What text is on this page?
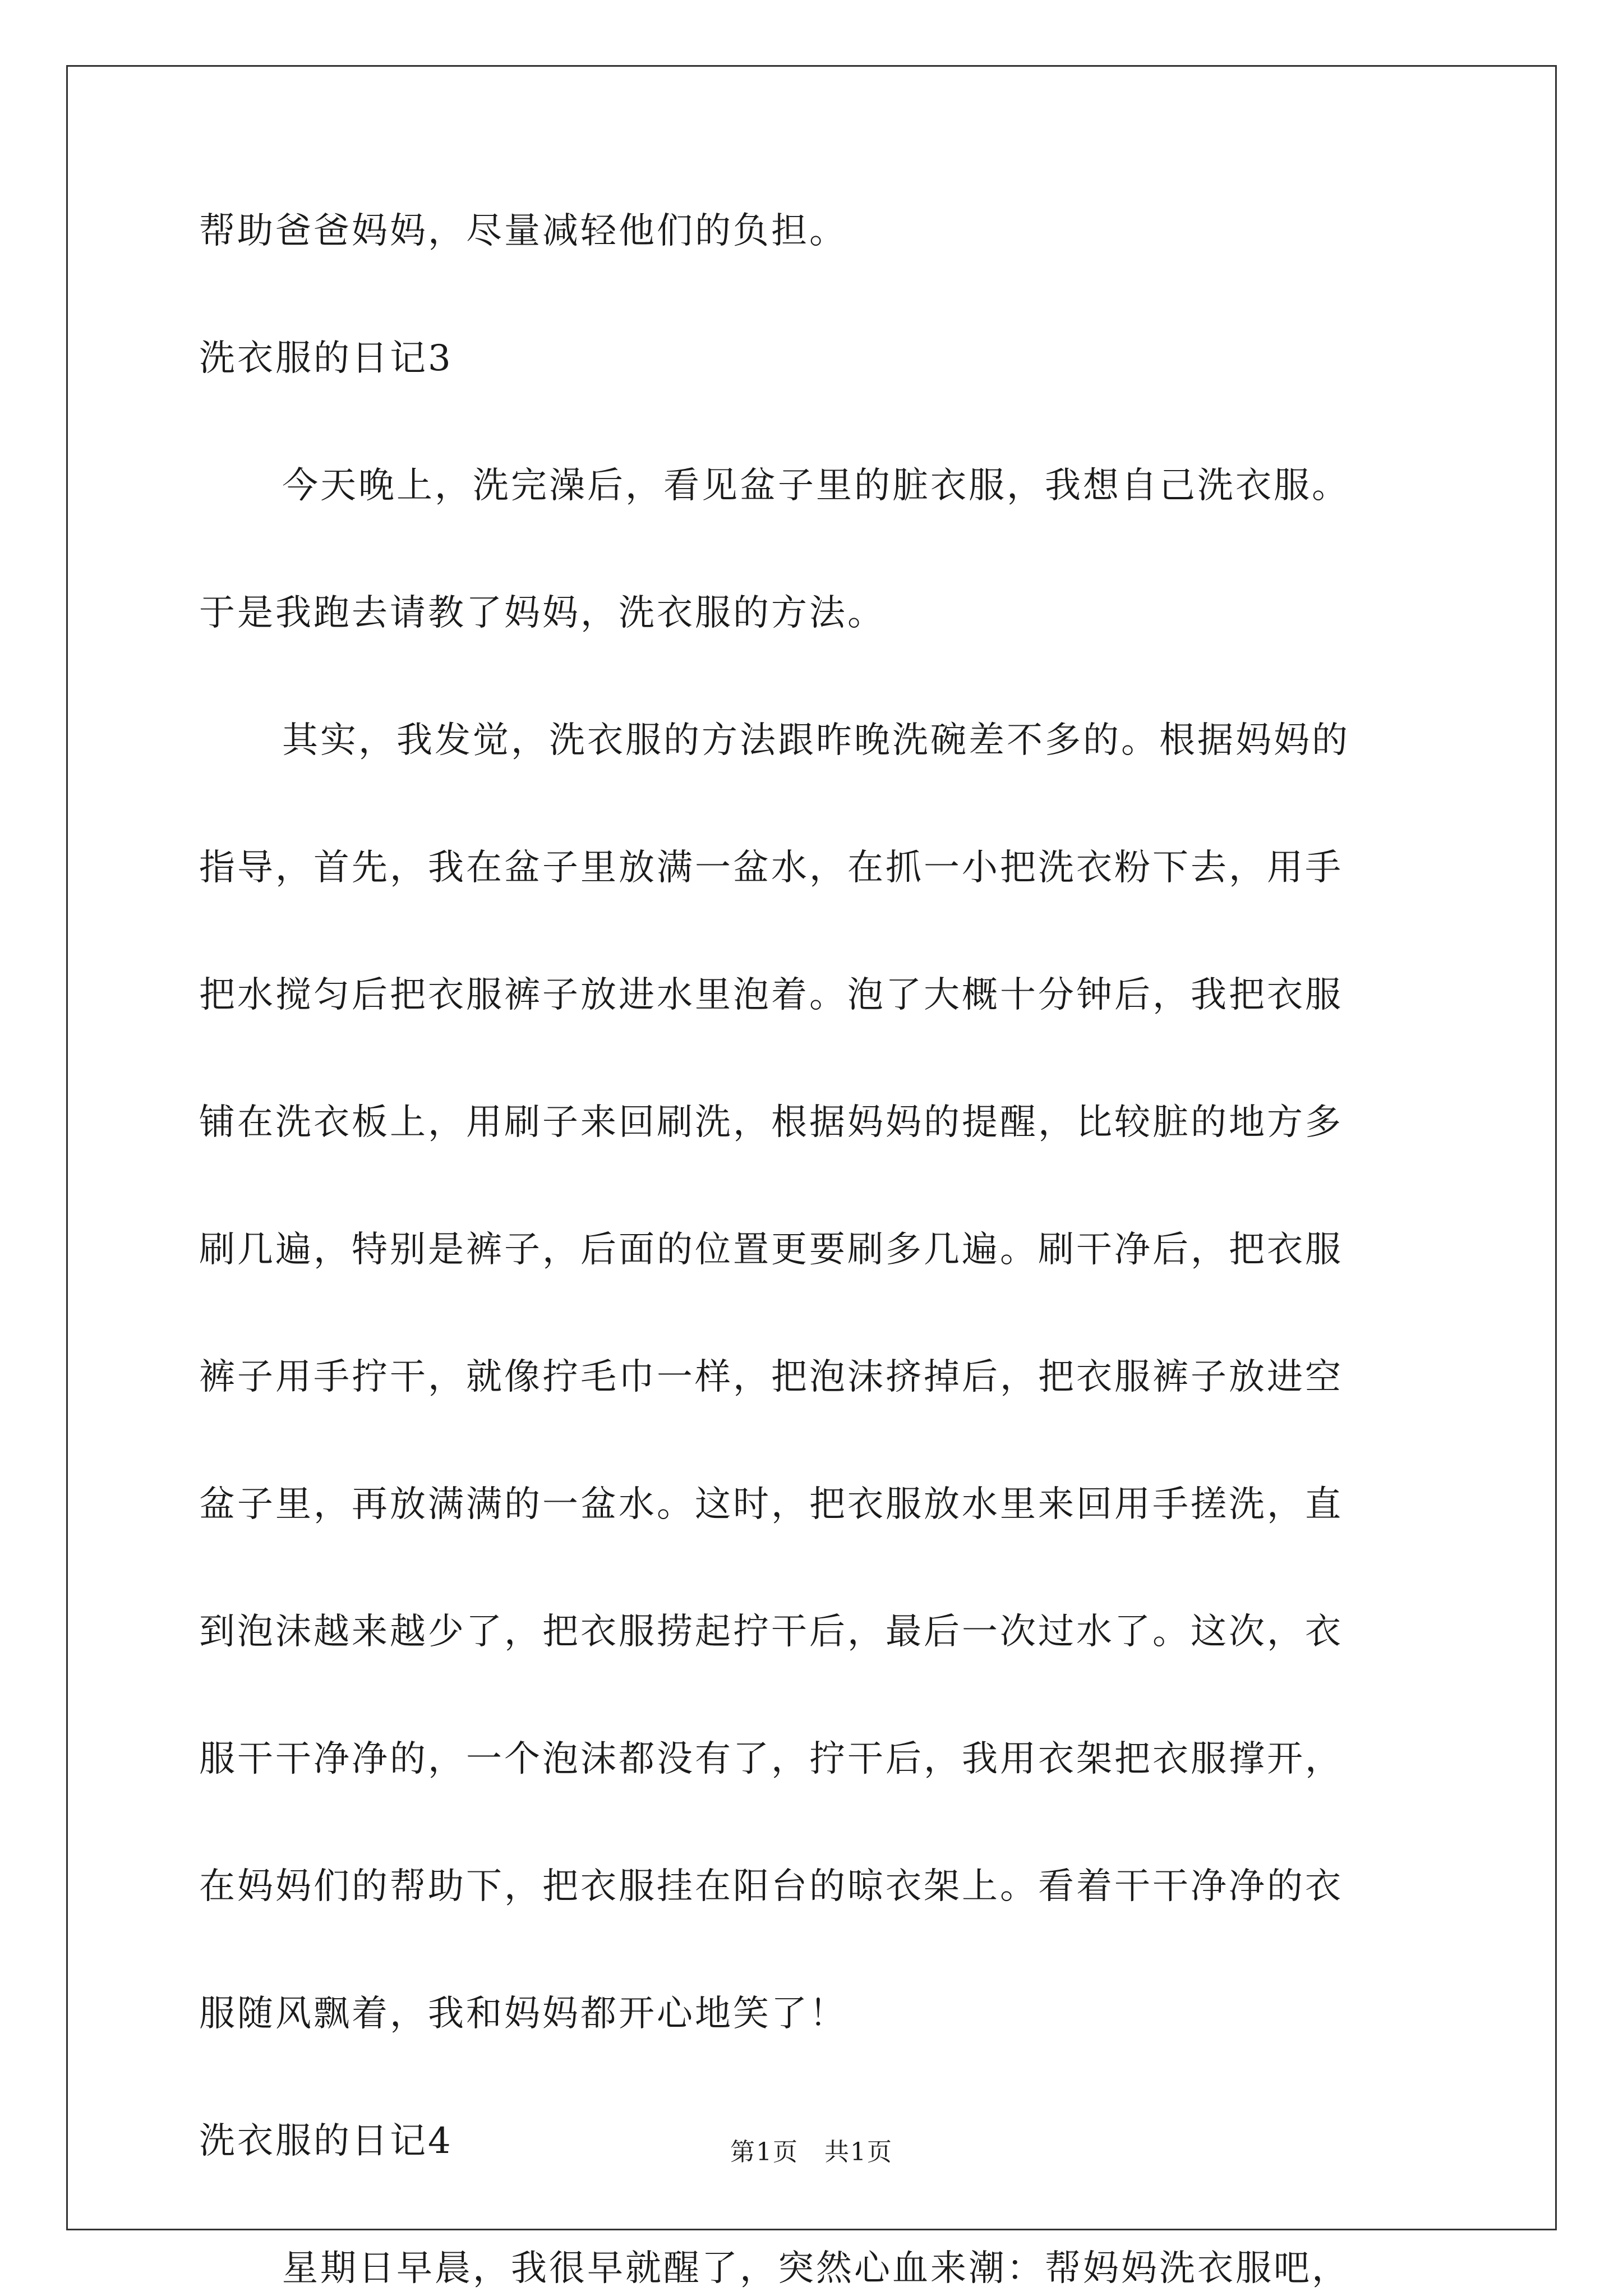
帮助爸爸妈妈，尽量减轻他们的负担。
洗衣服的日记3
今天晚上，洗完澡后，看见盆子里的脏衣服，我想自己洗衣服。
于是我跑去请教了妈妈，洗衣服的方法。
其实，我发觉，洗衣服的方法跟昨晚洗碗差不多的。根据妈妈的
指导，首先，我在盆子里放满一盆水，在抓一小把洗衣粉下去，用手
把水搅匀后把衣服裤子放进水里泡着。泡了大概十分钟后，我把衣服
铺在洗衣板上，用刷子来回刷洗，根据妈妈的提醒，比较脏的地方多
刷几遍，特别是裤子，后面的位置更要刷多几遍。刷干净后，把衣服
裤子用手拧干，就像拧毛巾一样，把泡沫挤掉后，把衣服裤子放进空
盆子里，再放满满的一盆水。这时，把衣服放水里来回用手搓洗，直
到泡沫越来越少了，把衣服捞起拧干后，最后一次过水了。这次，衣
服干干净净的，一个泡沫都没有了，拧干后，我用衣架把衣服撑开，
在妈妈们的帮助下，把衣服挂在阳台的晾衣架上。看着干干净净的衣
服随风飘着，我和妈妈都开心地笑了！
洗衣服的日记4
星期日早晨，我很早就醒了，突然心血来潮：帮妈妈洗衣服吧，
第1页　共1页
